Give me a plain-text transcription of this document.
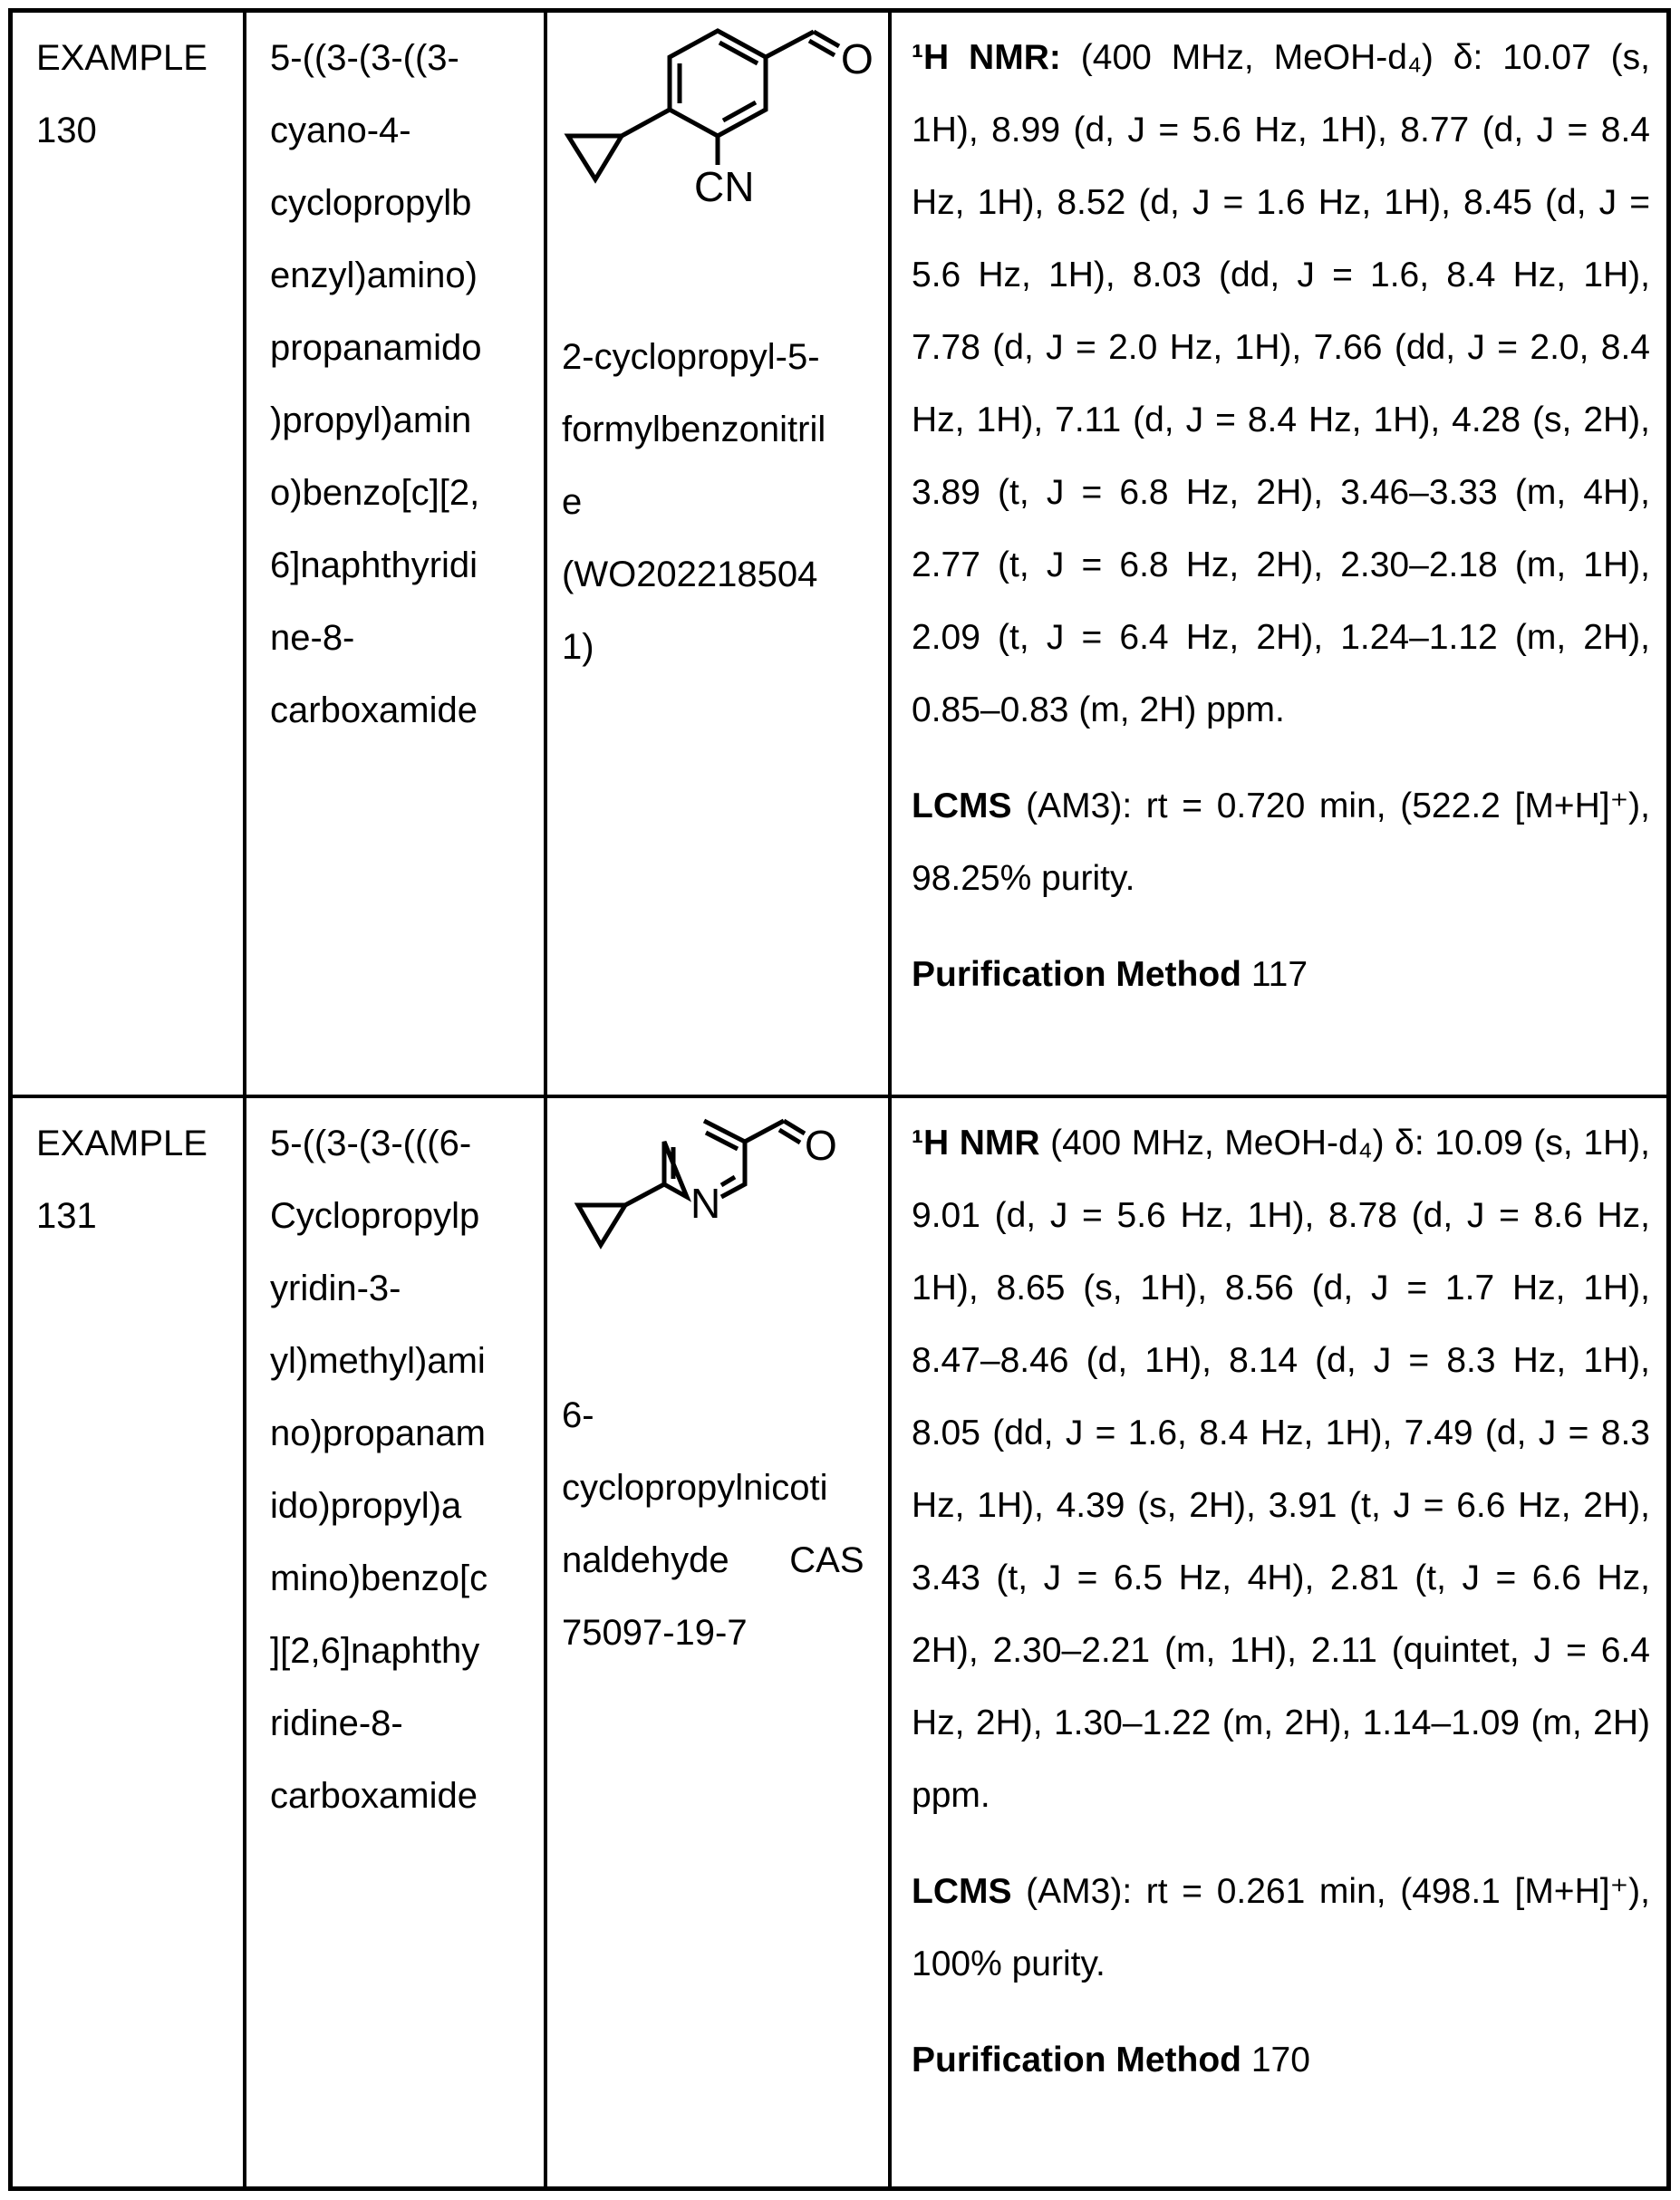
EXAMPLE
130
5-((3-(3-((3-
cyano-4-
cyclopropylb
enzyl)amino)
propanamido
)propyl)amin
o)benzo[c][2,
6]naphthyridi
ne-8-
carboxamide
O
CN
2-cyclopropyl-5-
formylbenzonitril
e
(WO202218504
1)

¹H NMR: (400 MHz, MeOH-d₄) δ: 10.07 (s, 1H), 8.99 (d, J = 5.6 Hz, 1H), 8.77 (d, J = 8.4 Hz, 1H), 8.52 (d, J = 1.6 Hz, 1H), 8.45 (d, J = 5.6 Hz, 1H), 8.03 (dd, J = 1.6, 8.4 Hz, 1H), 7.78 (d, J = 2.0 Hz, 1H), 7.66 (dd, J = 2.0, 8.4 Hz, 1H), 7.11 (d, J = 8.4 Hz, 1H), 4.28 (s, 2H), 3.89 (t, J = 6.8 Hz, 2H), 3.46–3.33 (m, 4H), 2.77 (t, J = 6.8 Hz, 2H), 2.30–2.18 (m, 1H), 2.09 (t, J = 6.4 Hz, 2H), 1.24–1.12 (m, 2H), 0.85–0.83 (m, 2H) ppm.

LCMS (AM3): rt = 0.720 min, (522.2 [M+H]⁺), 98.25% purity.

Purification Method 117

EXAMPLE
131
5-((3-(3-(((6-
Cyclopropylp
yridin-3-
yl)methyl)ami
no)propanam
ido)propyl)a
mino)benzo[c
][2,6]naphthy
ridine-8-
carboxamide
N
O
6-
cyclopropylnicoti
naldehyde      CAS
75097-19-7

¹H NMR (400 MHz, MeOH-d₄) δ: 10.09 (s, 1H), 9.01 (d, J = 5.6 Hz, 1H), 8.78 (d, J = 8.6 Hz, 1H), 8.65 (s, 1H), 8.56 (d, J = 1.7 Hz, 1H), 8.47–8.46 (d, 1H), 8.14 (d, J = 8.3 Hz, 1H), 8.05 (dd, J = 1.6, 8.4 Hz, 1H), 7.49 (d, J = 8.3 Hz, 1H), 4.39 (s, 2H), 3.91 (t, J = 6.6 Hz, 2H), 3.43 (t, J = 6.5 Hz, 4H), 2.81 (t, J = 6.6 Hz, 2H), 2.30–2.21 (m, 1H), 2.11 (quintet, J = 6.4 Hz, 2H), 1.30–1.22 (m, 2H), 1.14–1.09 (m, 2H) ppm.

LCMS (AM3): rt = 0.261 min, (498.1 [M+H]⁺), 100% purity.

Purification Method 170
